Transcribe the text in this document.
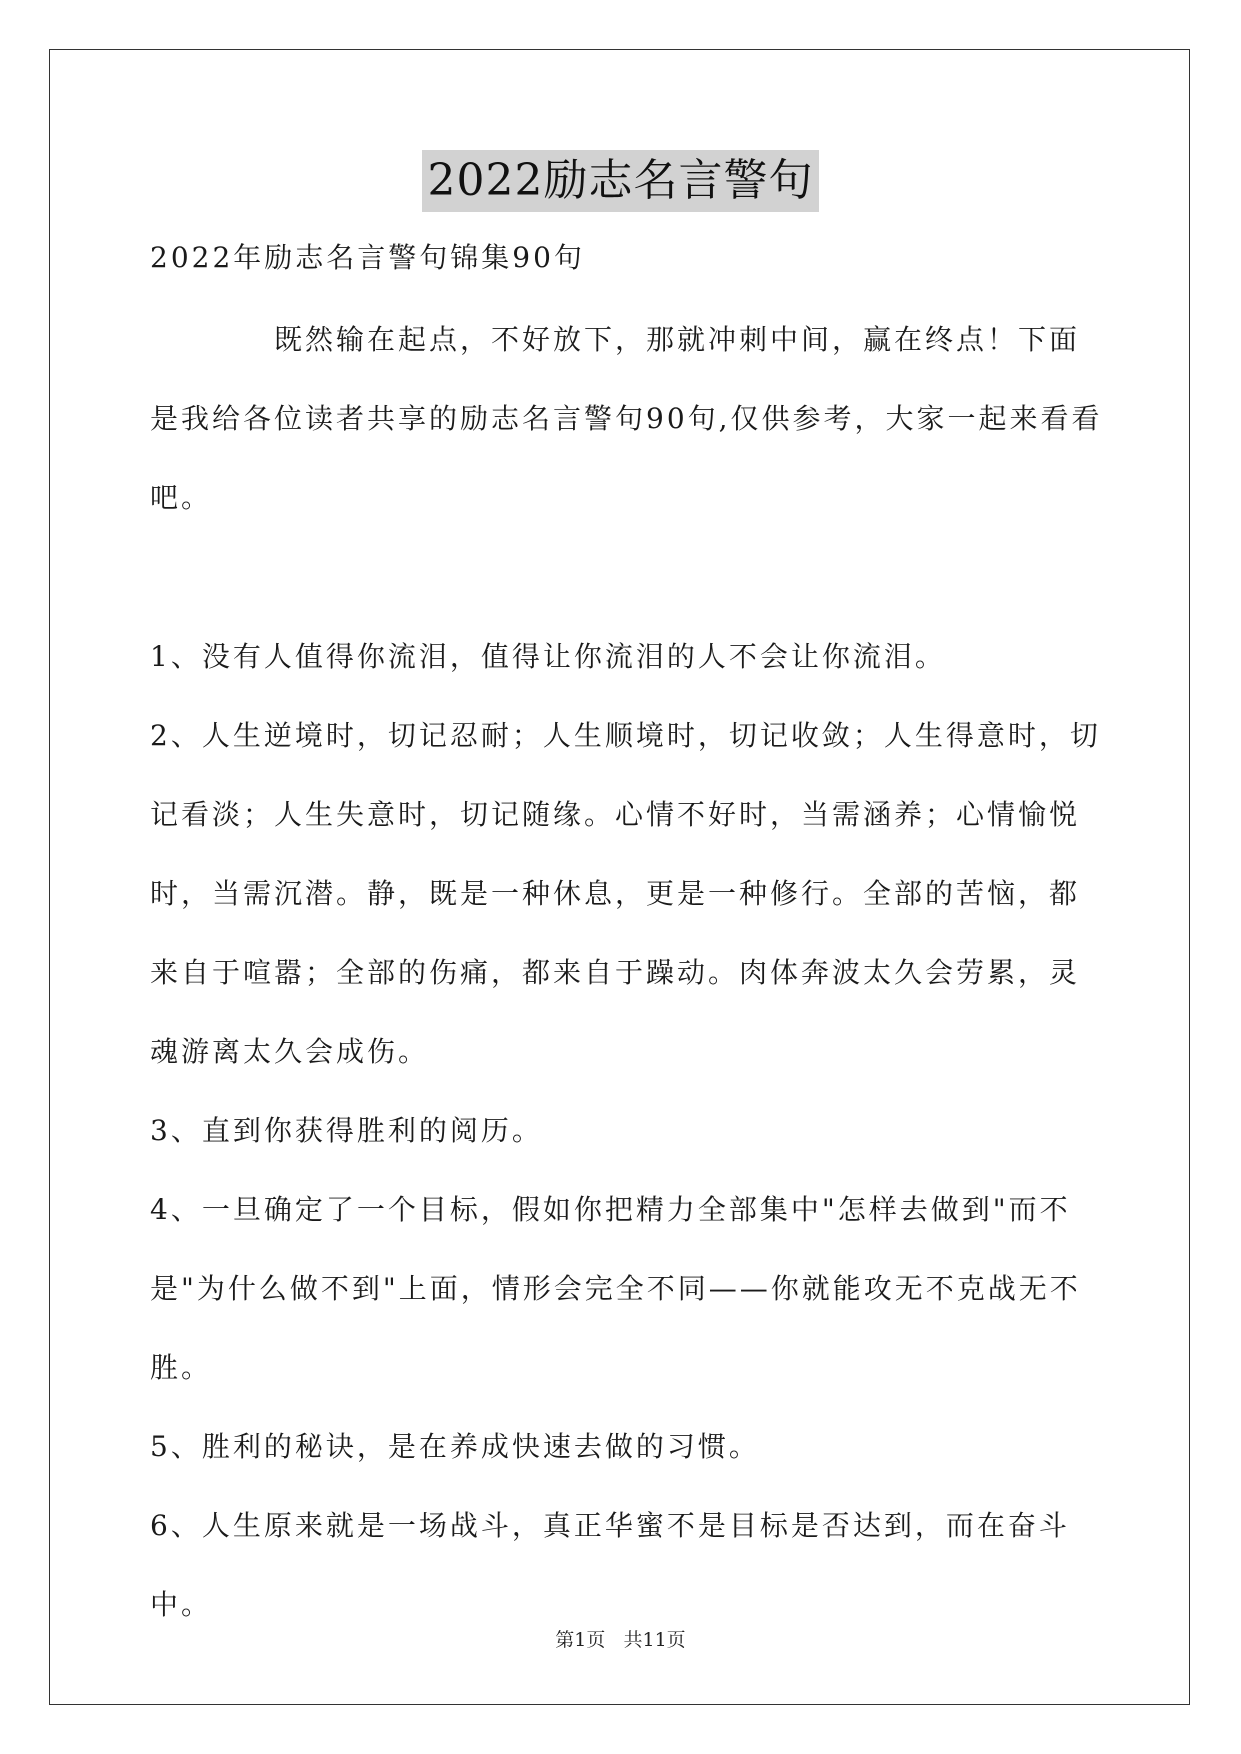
2022励志名言警句

2022年励志名言警句锦集90句

既然输在起点，不好放下，那就冲刺中间，赢在终点！下面是我给各位读者共享的励志名言警句90句,仅供参考，大家一起来看看吧。

1、没有人值得你流泪，值得让你流泪的人不会让你流泪。

2、人生逆境时，切记忍耐；人生顺境时，切记收敛；人生得意时，切记看淡；人生失意时，切记随缘。心情不好时，当需涵养；心情愉悦时，当需沉潜。静，既是一种休息，更是一种修行。全部的苦恼，都来自于喧嚣；全部的伤痛，都来自于躁动。肉体奔波太久会劳累，灵魂游离太久会成伤。

3、直到你获得胜利的阅历。

4、一旦确定了一个目标，假如你把精力全部集中"怎样去做到"而不是"为什么做不到"上面，情形会完全不同——你就能攻无不克战无不胜。

5、胜利的秘诀，是在养成快速去做的习惯。

6、人生原来就是一场战斗，真正华蜜不是目标是否达到，而在奋斗中。

第1页   共11页
